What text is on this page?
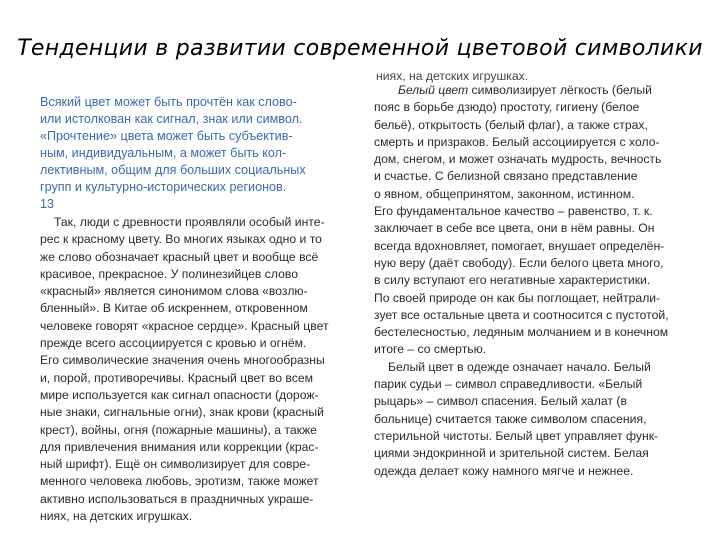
Тенденции в развитии современной цветовой символики
Всякий цвет может быть прочтён как слово-
или истолкован как сигнал, знак или символ.
«Прочтение» цвета может быть субъектив-
ным, индивидуальным, а может быть кол-
лективным, общим для больших социальных
групп и культурно-исторических регионов.
13
Так, люди с древности проявляли особый инте-
рес к красному цвету. Во многих языках одно и то
же слово обозначает красный цвет и вообще всё
красивое, прекрасное. У полинезийцев слово
«красный» является синонимом слова «возлю-
бленный». В Китае об искреннем, откровенном
человеке говорят «красное сердце». Красный цвет
прежде всего ассоциируется с кровью и огнём.
Его символические значения очень многообразны
и, порой, противоречивы. Красный цвет во всем
мире используется как сигнал опасности (дорож-
ные знаки, сигнальные огни), знак крови (красный
крест), войны, огня (пожарные машины), а также
для привлечения внимания или коррекции (крас-
ный шрифт). Ещё он символизирует для совре-
менного человека любовь, эротизм, также может
активно использоваться в праздничных украше-
ниях, на детских игрушках.
ниях, на детских игрушках.
Белый цвет символизирует лёгкость (белый
пояс в борьбе дзюдо) простоту, гигиену (белое
бельё), открытость (белый флаг), а также страх,
смерть и призраков. Белый ассоциируется с холо-
дом, снегом, и может означать мудрость, вечность
и счастье. С белизной связано представление
о явном, общепринятом, законном, истинном.
Его фундаментальное качество – равенство, т. к.
заключает в себе все цвета, они в нём равны. Он
всегда вдохновляет, помогает, внушает определён-
ную веру (даёт свободу). Если белого цвета много,
в силу вступают его негативные характеристики.
По своей природе он как бы поглощает, нейтрали-
зует все остальные цвета и соотносится с пустотой,
бестелесностью, ледяным молчанием и в конечном
итоге – со смертью.
Белый цвет в одежде означает начало. Белый
парик судьи – символ справедливости. «Белый
рыцарь» – символ спасения. Белый халат (в
больнице) считается также символом спасения,
стерильной чистоты. Белый цвет управляет функ-
циями эндокринной и зрительной систем. Белая
одежда делает кожу намного мягче и нежнее.
